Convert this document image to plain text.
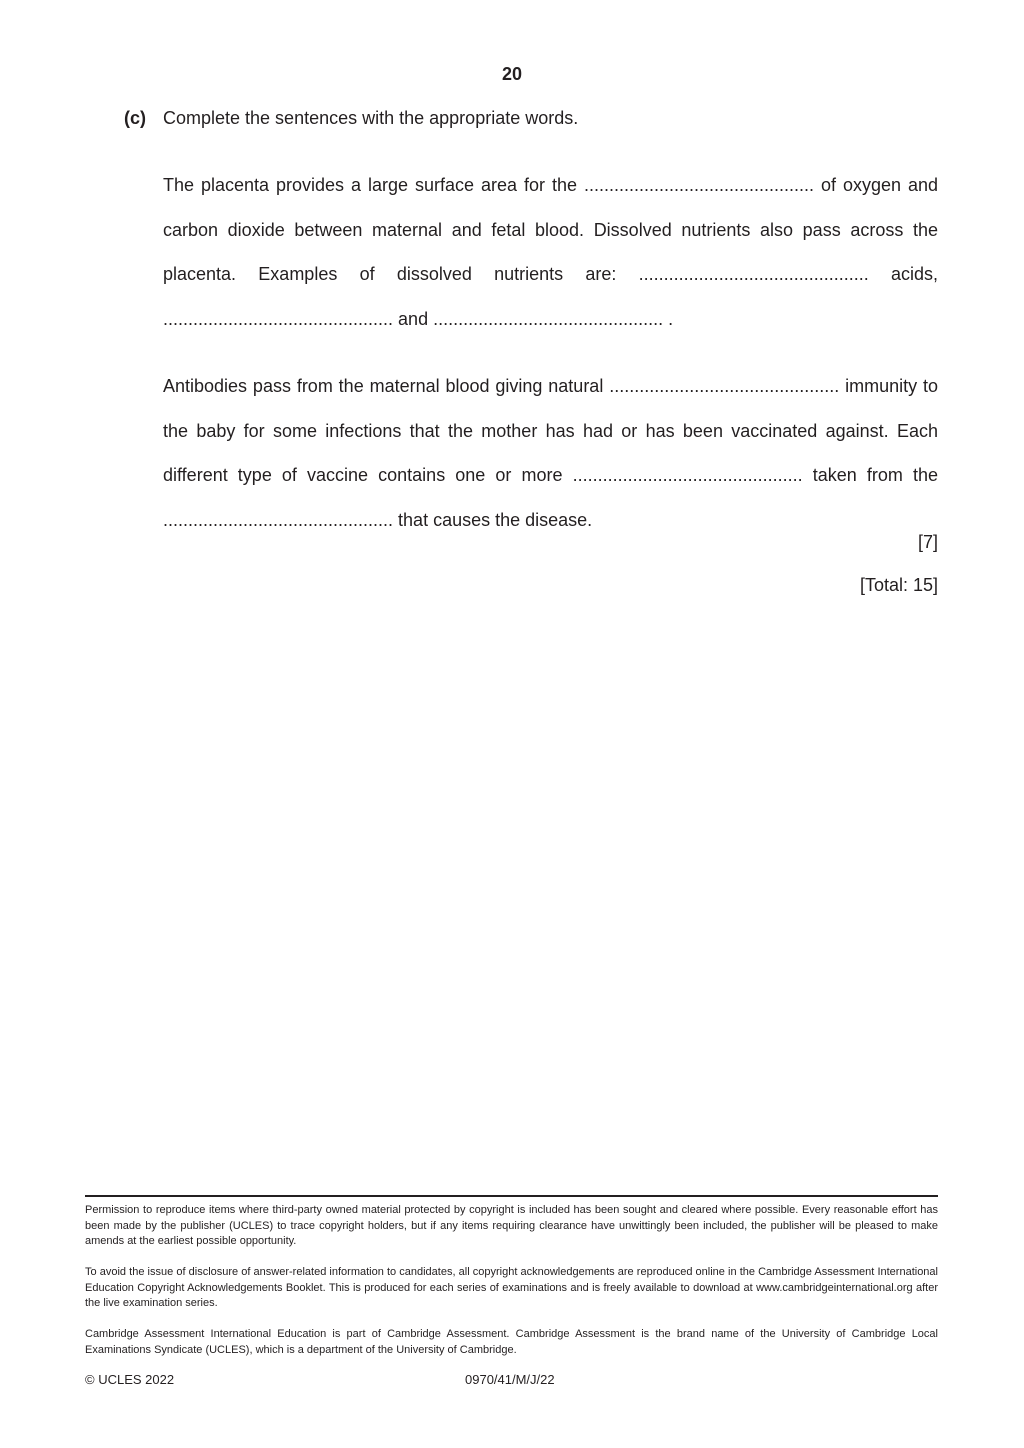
20
(c) Complete the sentences with the appropriate words.
The placenta provides a large surface area for the .............................................. of oxygen and carbon dioxide between maternal and fetal blood. Dissolved nutrients also pass across the placenta. Examples of dissolved nutrients are: .............................................. acids, .............................................. and .............................................. .
Antibodies pass from the maternal blood giving natural .............................................. immunity to the baby for some infections that the mother has had or has been vaccinated against. Each different type of vaccine contains one or more .............................................. taken from the .............................................. that causes the disease.
[7]
[Total: 15]
Permission to reproduce items where third-party owned material protected by copyright is included has been sought and cleared where possible. Every reasonable effort has been made by the publisher (UCLES) to trace copyright holders, but if any items requiring clearance have unwittingly been included, the publisher will be pleased to make amends at the earliest possible opportunity.
To avoid the issue of disclosure of answer-related information to candidates, all copyright acknowledgements are reproduced online in the Cambridge Assessment International Education Copyright Acknowledgements Booklet. This is produced for each series of examinations and is freely available to download at www.cambridgeinternational.org after the live examination series.
Cambridge Assessment International Education is part of Cambridge Assessment. Cambridge Assessment is the brand name of the University of Cambridge Local Examinations Syndicate (UCLES), which is a department of the University of Cambridge.
© UCLES 2022	0970/41/M/J/22
